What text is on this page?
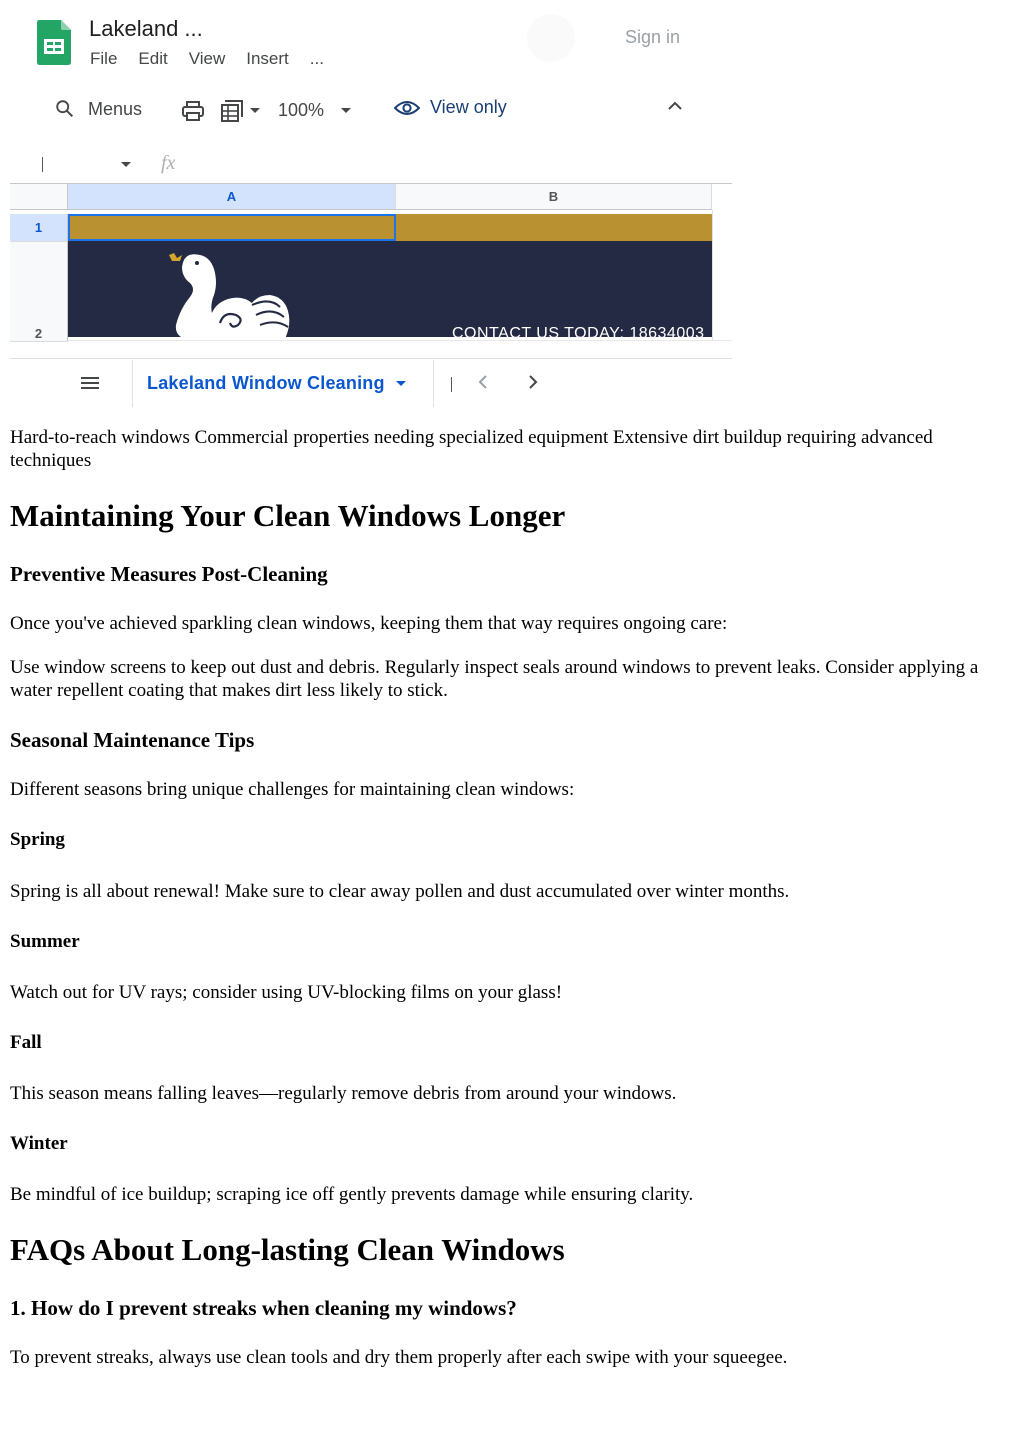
Lakeland ...
File Edit View Insert ...
Sign in
Menus	100%	View only
fx
A	B
1
2	CONTACT US TODAY: 18634003
Lakeland Window Cleaning

Hard-to-reach windows Commercial properties needing specialized equipment Extensive dirt buildup requiring advanced techniques

Maintaining Your Clean Windows Longer
Preventive Measures Post-Cleaning

Once you've achieved sparkling clean windows, keeping them that way requires ongoing care:

Use window screens to keep out dust and debris. Regularly inspect seals around windows to prevent leaks. Consider applying a water repellent coating that makes dirt less likely to stick.

Seasonal Maintenance Tips

Different seasons bring unique challenges for maintaining clean windows:

Spring

Spring is all about renewal! Make sure to clear away pollen and dust accumulated over winter months.

Summer

Watch out for UV rays; consider using UV-blocking films on your glass!

Fall

This season means falling leaves—regularly remove debris from around your windows.

Winter

Be mindful of ice buildup; scraping ice off gently prevents damage while ensuring clarity.

FAQs About Long-lasting Clean Windows
1. How do I prevent streaks when cleaning my windows?

To prevent streaks, always use clean tools and dry them properly after each swipe with your squeegee.
